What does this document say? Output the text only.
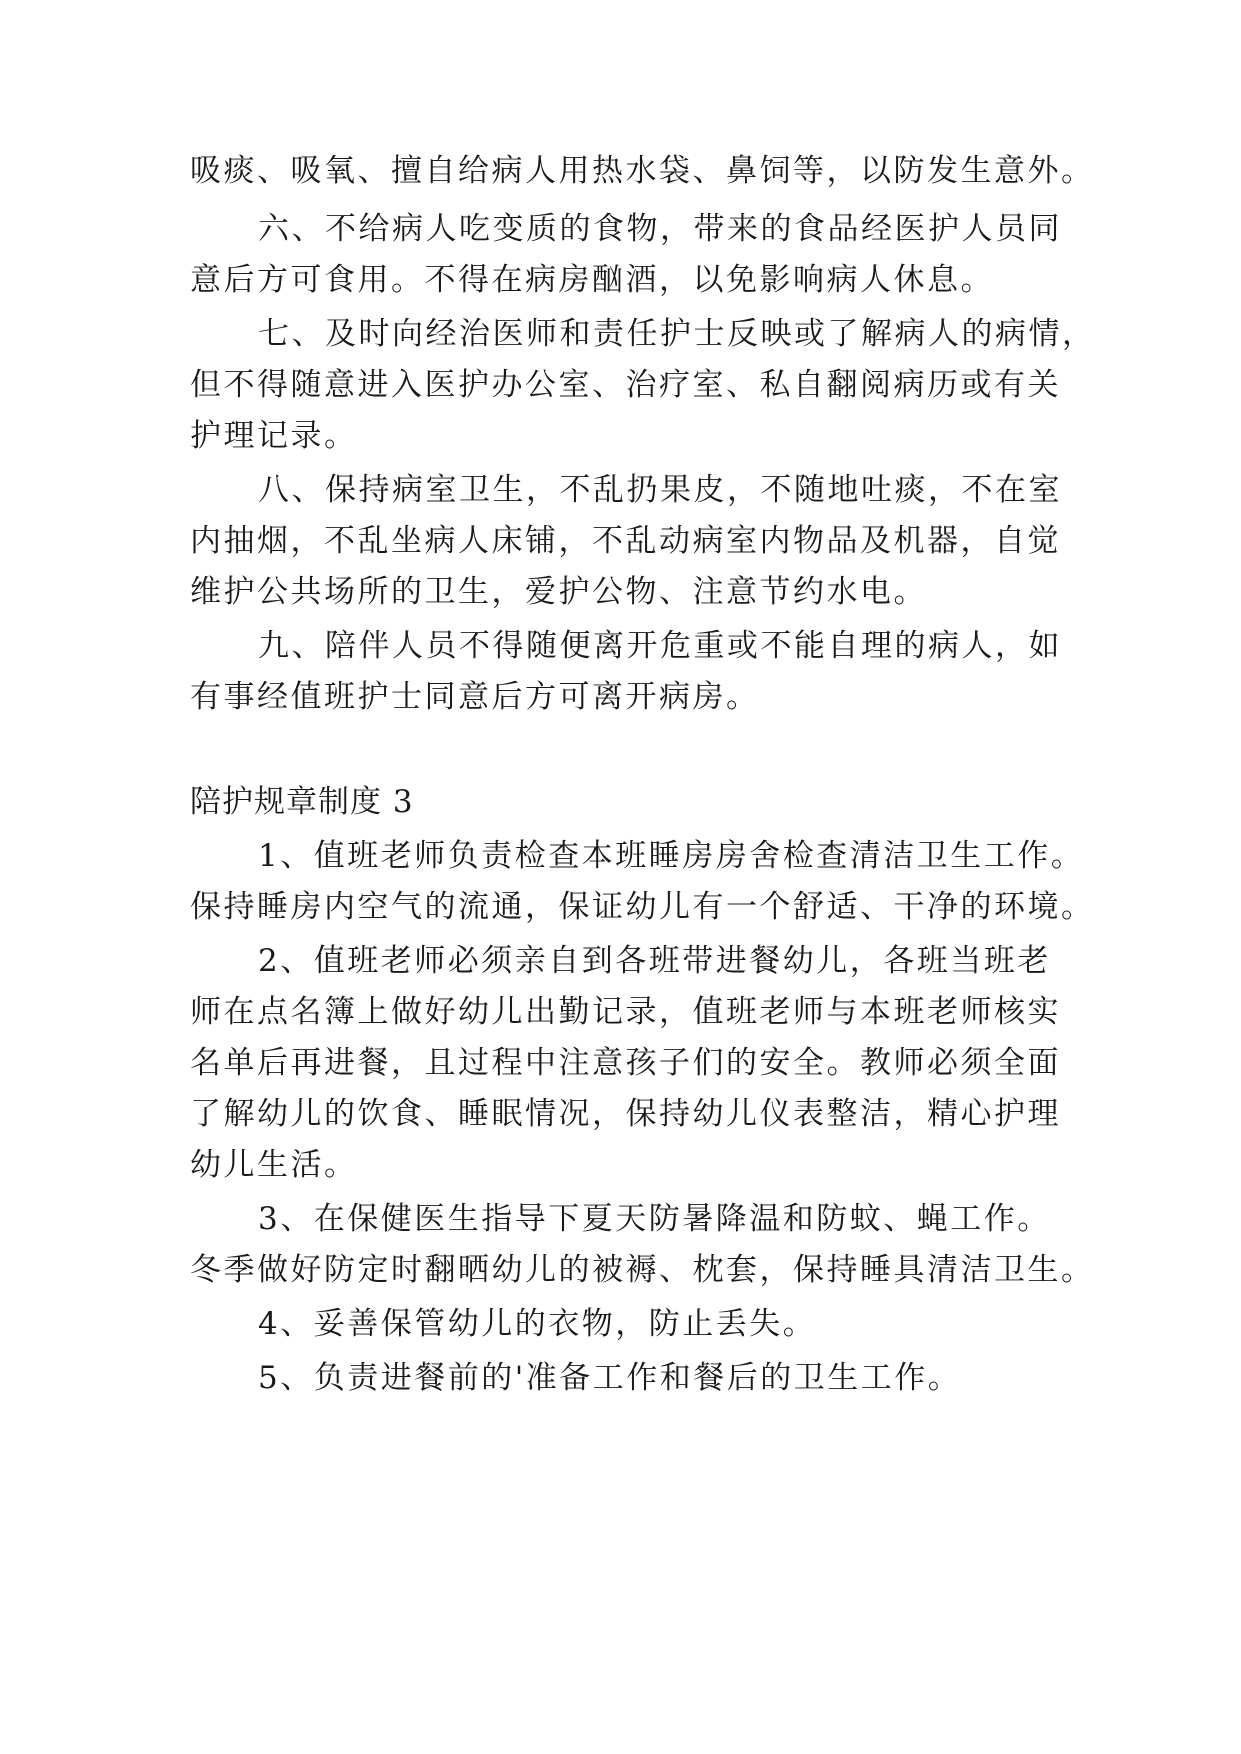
吸痰、吸氧、擅自给病人用热水袋、鼻饲等，以防发生意外。
六、不给病人吃变质的食物，带来的食品经医护人员同
意后方可食用。不得在病房酗酒，以免影响病人休息。
七、及时向经治医师和责任护士反映或了解病人的病情，
但不得随意进入医护办公室、治疗室、私自翻阅病历或有关
护理记录。
八、保持病室卫生，不乱扔果皮，不随地吐痰，不在室
内抽烟，不乱坐病人床铺，不乱动病室内物品及机器，自觉
维护公共场所的卫生，爱护公物、注意节约水电。
九、陪伴人员不得随便离开危重或不能自理的病人，如
有事经值班护士同意后方可离开病房。
陪护规章制度 3
1、值班老师负责检查本班睡房房舍检查清洁卫生工作。
保持睡房内空气的流通，保证幼儿有一个舒适、干净的环境。
2、值班老师必须亲自到各班带进餐幼儿，各班当班老
师在点名簿上做好幼儿出勤记录，值班老师与本班老师核实
名单后再进餐，且过程中注意孩子们的安全。教师必须全面
了解幼儿的饮食、睡眠情况，保持幼儿仪表整洁，精心护理
幼儿生活。
3、在保健医生指导下夏天防暑降温和防蚊、蝇工作。
冬季做好防定时翻晒幼儿的被褥、枕套，保持睡具清洁卫生。
4、妥善保管幼儿的衣物，防止丢失。
5、负责进餐前的'准备工作和餐后的卫生工作。
